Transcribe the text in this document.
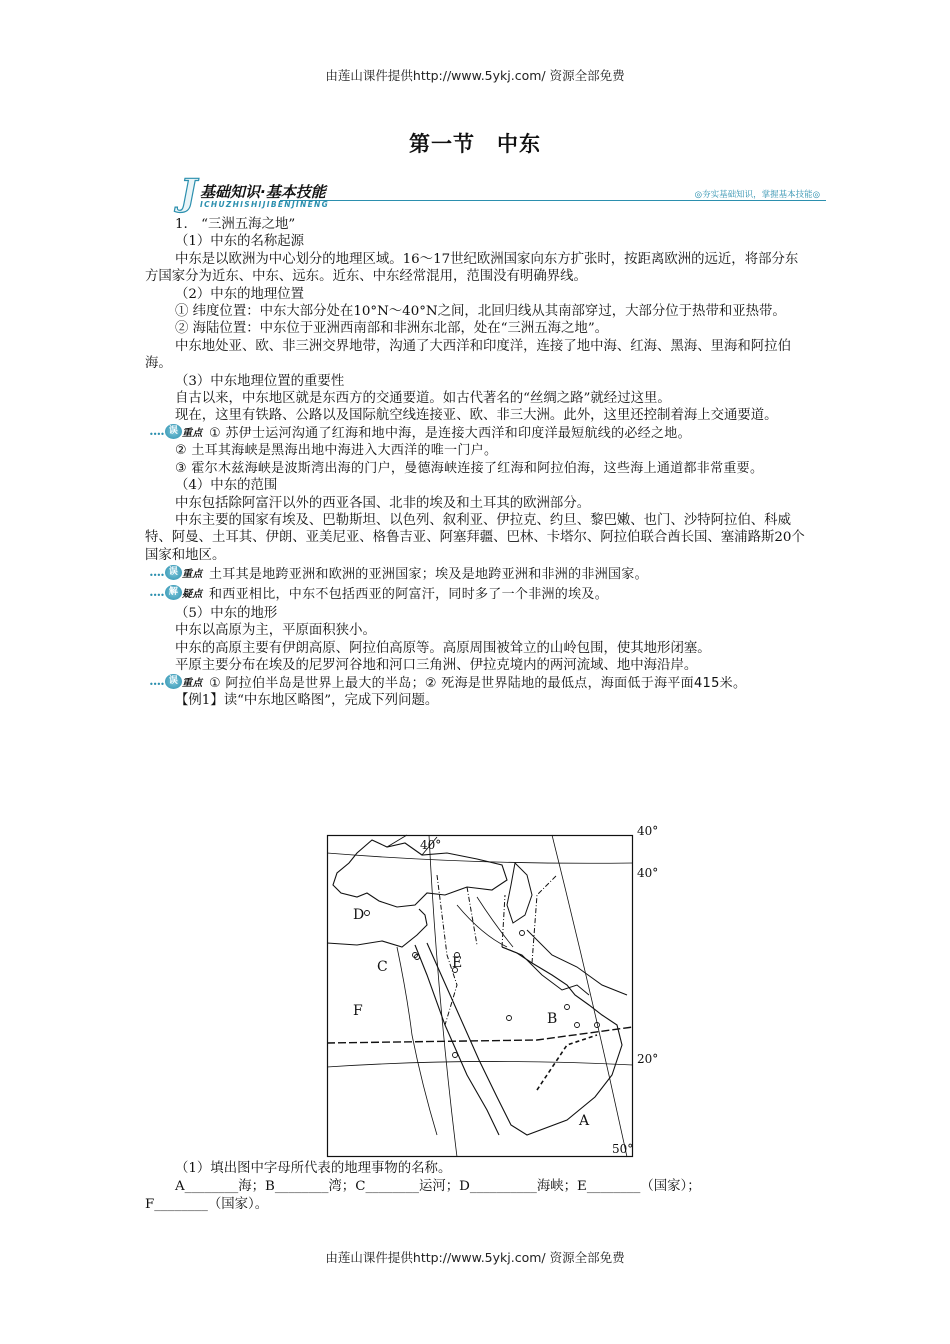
由莲山课件提供http://www.5ykj.com/ 资源全部免费
第一节　中东
J 基础知识·基本技能
ICHUZHISHIJIBENJINENG
◎夯实基础知识，掌握基本技能◎

1.　“三洲五海之地”

（1）中东的名称起源

中东是以欧洲为中心划分的地理区域。16～17世纪欧洲国家向东方扩张时，按距离欧洲的远近，将部分东方国家分为近东、中东、远东。近东、中东经常混用，范围没有明确界线。

（2）中东的地理位置

① 纬度位置：中东大部分处在10°N～40°N之间，北回归线从其南部穿过，大部分位于热带和亚热带。

② 海陆位置：中东位于亚洲西南部和非洲东北部，处在“三洲五海之地”。

中东地处亚、欧、非三洲交界地带，沟通了大西洋和印度洋，连接了地中海、红海、黑海、里海和阿拉伯海。

（3）中东地理位置的重要性

自古以来，中东地区就是东西方的交通要道。如古代著名的“丝绸之路”就经过这里。

现在，这里有铁路、公路以及国际航空线连接亚、欧、非三大洲。此外，这里还控制着海上交通要道。

•••• 误 重点 ① 苏伊士运河沟通了红海和地中海，是连接大西洋和印度洋最短航线的必经之地。

② 土耳其海峡是黑海出地中海进入大西洋的唯一门户。

③ 霍尔木兹海峡是波斯湾出海的门户，曼德海峡连接了红海和阿拉伯海，这些海上通道都非常重要。

（4）中东的范围

中东包括除阿富汗以外的西亚各国、北非的埃及和土耳其的欧洲部分。

中东主要的国家有埃及、巴勒斯坦、以色列、叙利亚、伊拉克、约旦、黎巴嫩、也门、沙特阿拉伯、科威特、阿曼、土耳其、伊朗、亚美尼亚、格鲁吉亚、阿塞拜疆、巴林、卡塔尔、阿拉伯联合酋长国、塞浦路斯20个国家和地区。

•••• 误 重点 土耳其是地跨亚洲和欧洲的亚洲国家；埃及是地跨亚洲和非洲的非洲国家。

•••• 解 疑点 和西亚相比，中东不包括西亚的阿富汗，同时多了一个非洲的埃及。

（5）中东的地形

中东以高原为主，平原面积狭小。

中东的高原主要有伊朗高原、阿拉伯高原等。高原周围被耸立的山岭包围，使其地形闭塞。

平原主要分布在埃及的尼罗河谷地和河口三角洲、伊拉克境内的两河流域、地中海沿岸。

•••• 误 重点 ① 阿拉伯半岛是世界上最大的半岛；② 死海是世界陆地的最低点，海面低于海平面415米。

【例1】读“中东地区略图”，完成下列问题。

A
B
C
D
E
F
40°
50°
40°
40°
20°

（1）填出图中字母所代表的地理事物的名称。

A________海；B________湾；C________运河；D__________海峡；E________（国家）；

F________（国家）。

由莲山课件提供http://www.5ykj.com/ 资源全部免费
